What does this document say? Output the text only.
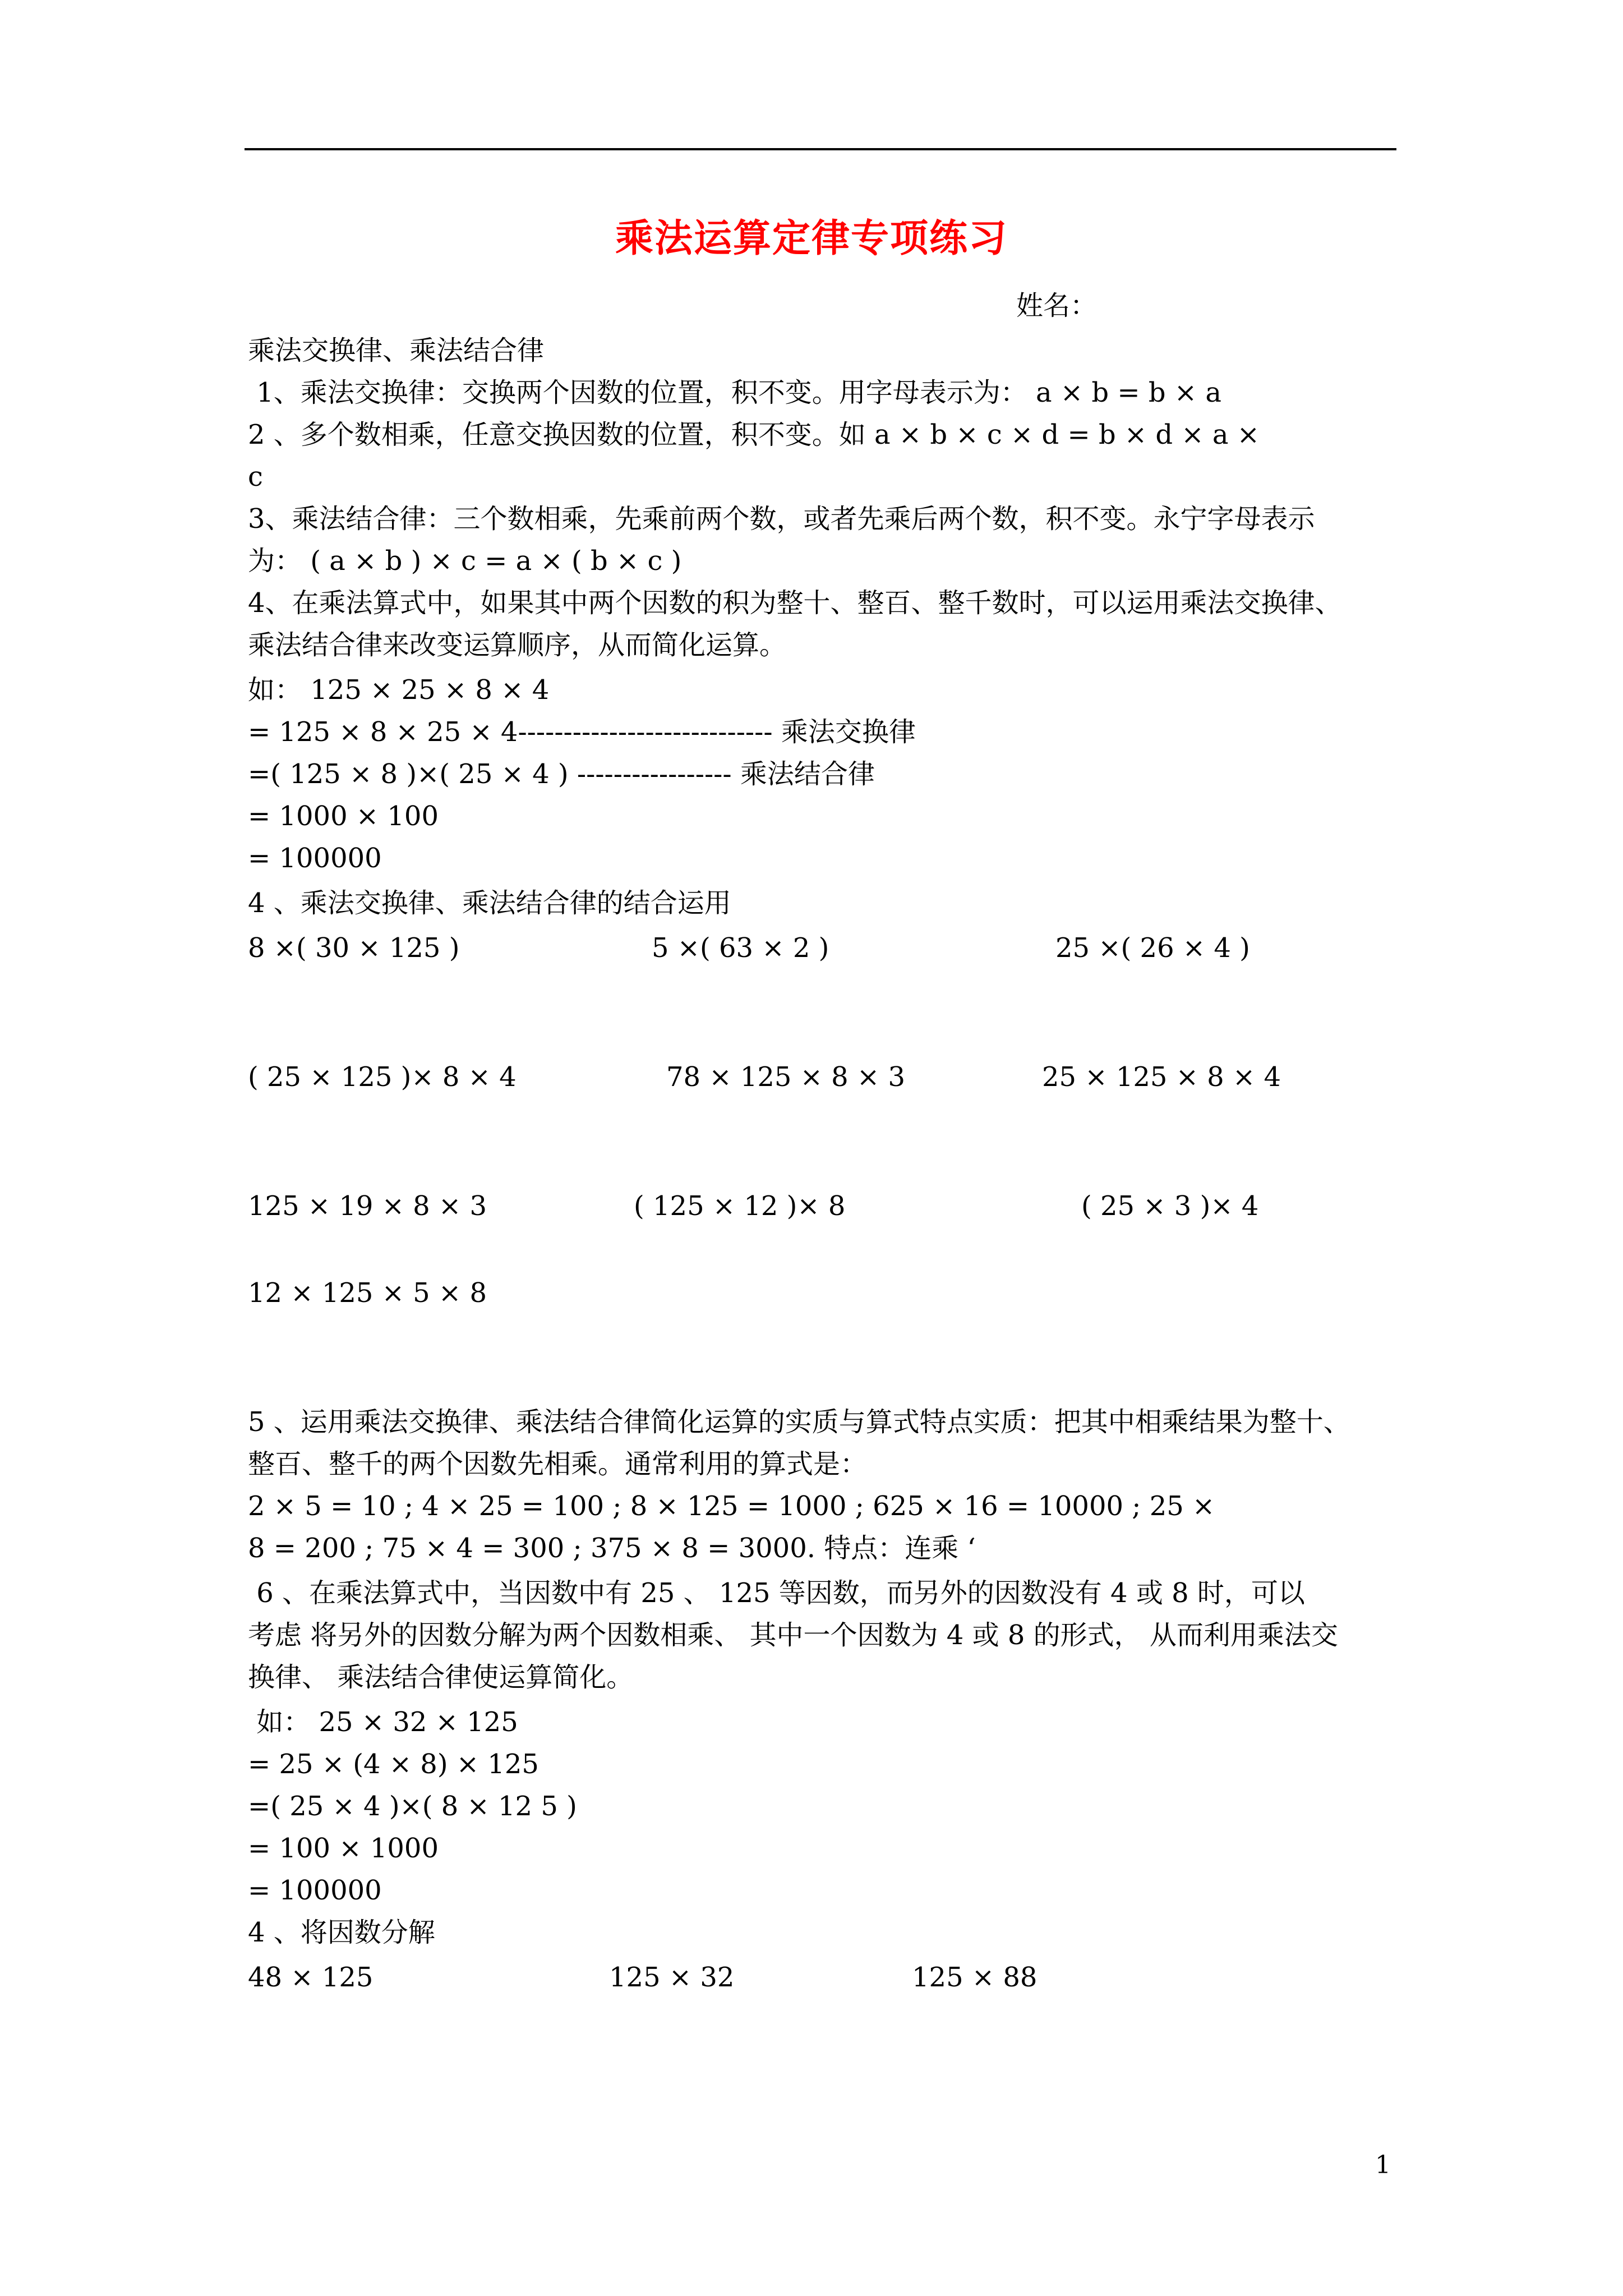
乘法运算定律专项练习
姓名：
乘法交换律、乘法结合律
1、乘法交换律：交换两个因数的位置，积不变。用字母表示为： a × b = b × a
2 、多个数相乘，任意交换因数的位置，积不变。如 a × b × c × d = b × d × a ×
c
3、乘法结合律：三个数相乘，先乘前两个数，或者先乘后两个数，积不变。永宁字母表示
为： ( a × b ) × c = a × ( b × c )
4、在乘法算式中，如果其中两个因数的积为整十、整百、整千数时，可以运用乘法交换律、
乘法结合律来改变运算顺序，从而简化运算。
如： 125 × 25 × 8 × 4
= 125 × 8 × 25 × 4---------------------------- 乘法交换律
=( 125 × 8 )×( 25 × 4 ) ----------------- 乘法结合律
= 1000 × 100
= 100000
4 、乘法交换律、乘法结合律的结合运用
8 ×( 30 × 125 )	5 ×( 63 × 2 )	25 ×( 26 × 4 )
( 25 × 125 )× 8 × 4	78 × 125 × 8 × 3	25 × 125 × 8 × 4
125 × 19 × 8 × 3	( 125 × 12 )× 8	( 25 × 3 )× 4
12 × 125 × 5 × 8
5 、运用乘法交换律、乘法结合律简化运算的实质与算式特点实质：把其中相乘结果为整十、
整百、整千的两个因数先相乘。通常利用的算式是：
2 × 5 = 10 ; 4 × 25 = 100 ; 8 × 125 = 1000 ; 625 × 16 = 10000 ; 25 ×
8 = 200 ; 75 × 4 = 300 ; 375 × 8 = 3000. 特点：连乘 ‘
6 、在乘法算式中，当因数中有 25 、 125 等因数，而另外的因数没有 4 或 8 时，可以
考虑 将另外的因数分解为两个因数相乘、 其中一个因数为 4 或 8 的形式， 从而利用乘法交
换律、 乘法结合律使运算简化。
如： 25 × 32 × 125
= 25 × (4 × 8) × 125
=( 25 × 4 )×( 8 × 12 5 )
= 100 × 1000
= 100000
4 、将因数分解
48 × 125	125 × 32	125 × 88
1
